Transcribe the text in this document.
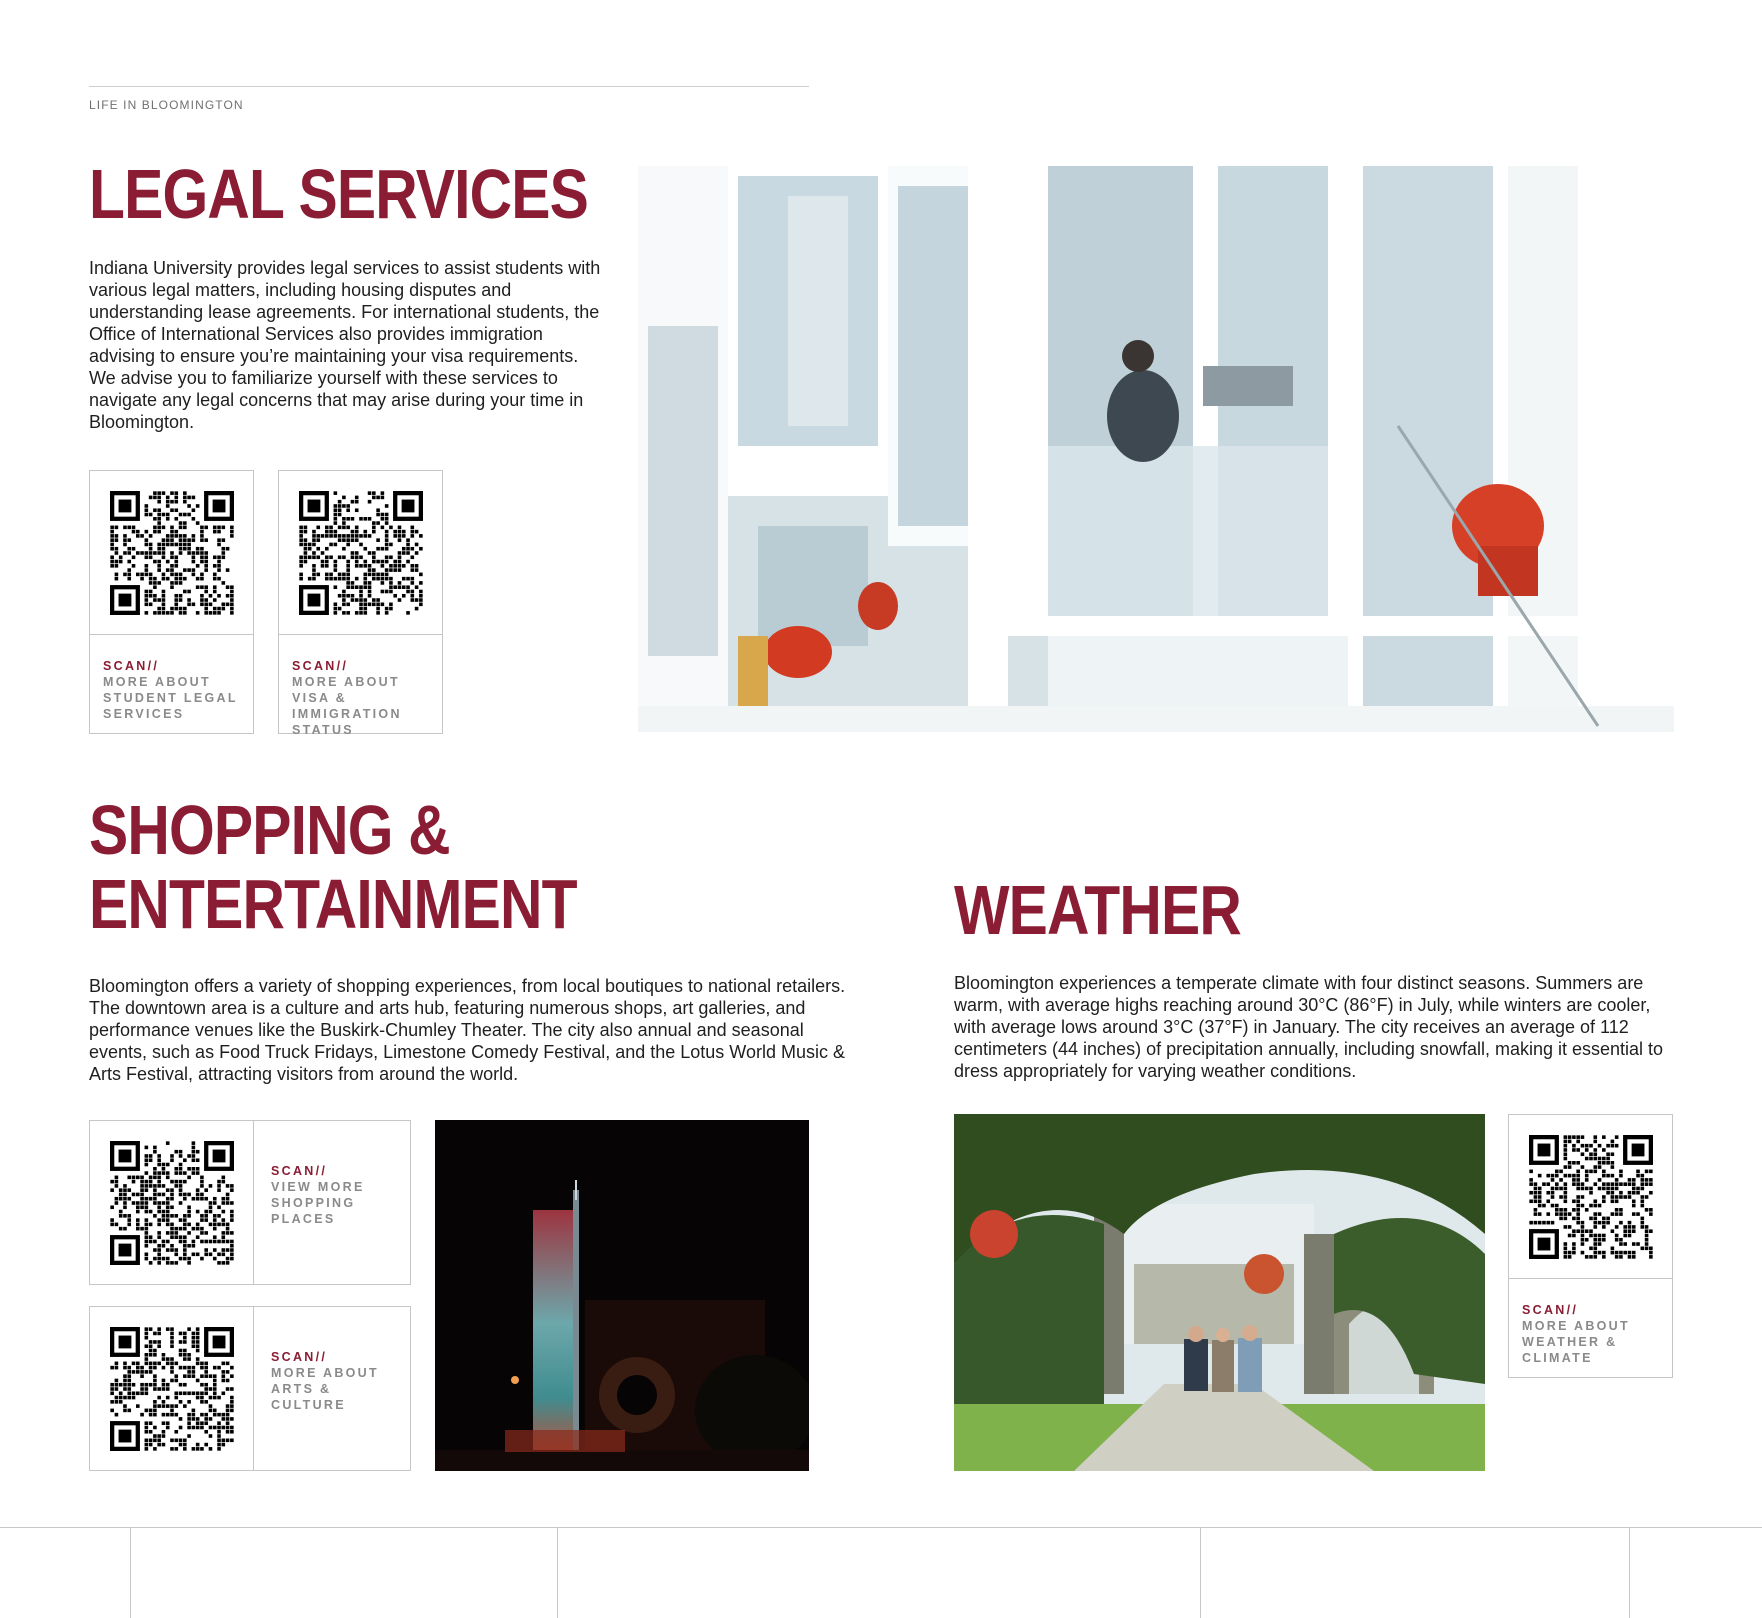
LIFE IN BLOOMINGTON
LEGAL SERVICES

Indiana University provides legal services to assist students with various legal matters, including housing disputes and understanding lease agreements. For international students, the Office of International Services also provides immigration advising to ensure you’re maintaining your visa requirements. We advise you to familiarize yourself with these services to navigate any legal concerns that may arise during your time in Bloomington.

SCAN//
MORE ABOUT STUDENT LEGAL SERVICES
SCAN//
MORE ABOUT VISA & IMMIGRATION STATUS
SHOPPING &
ENTERTAINMENT

Bloomington offers a variety of shopping experiences, from local boutiques to national retailers. The downtown area is a culture and arts hub, featuring numerous shops, art galleries, and performance venues like the Buskirk-Chumley Theater. The city also annual and seasonal events, such as Food Truck Fridays, Limestone Comedy Festival, and the Lotus World Music & Arts Festival, attracting visitors from around the world.

SCAN//
VIEW MORE SHOPPING PLACES
SCAN//
MORE ABOUT ARTS & CULTURE
WEATHER

Bloomington experiences a temperate climate with four distinct seasons. Summers are warm, with average highs reaching around 30°C (86°F) in July, while winters are cooler, with average lows around 3°C (37°F) in January. The city receives an average of 112 centimeters (44 inches) of precipitation annually, including snowfall, making it essential to dress appropriately for varying weather conditions.

SCAN//
MORE ABOUT WEATHER & CLIMATE
